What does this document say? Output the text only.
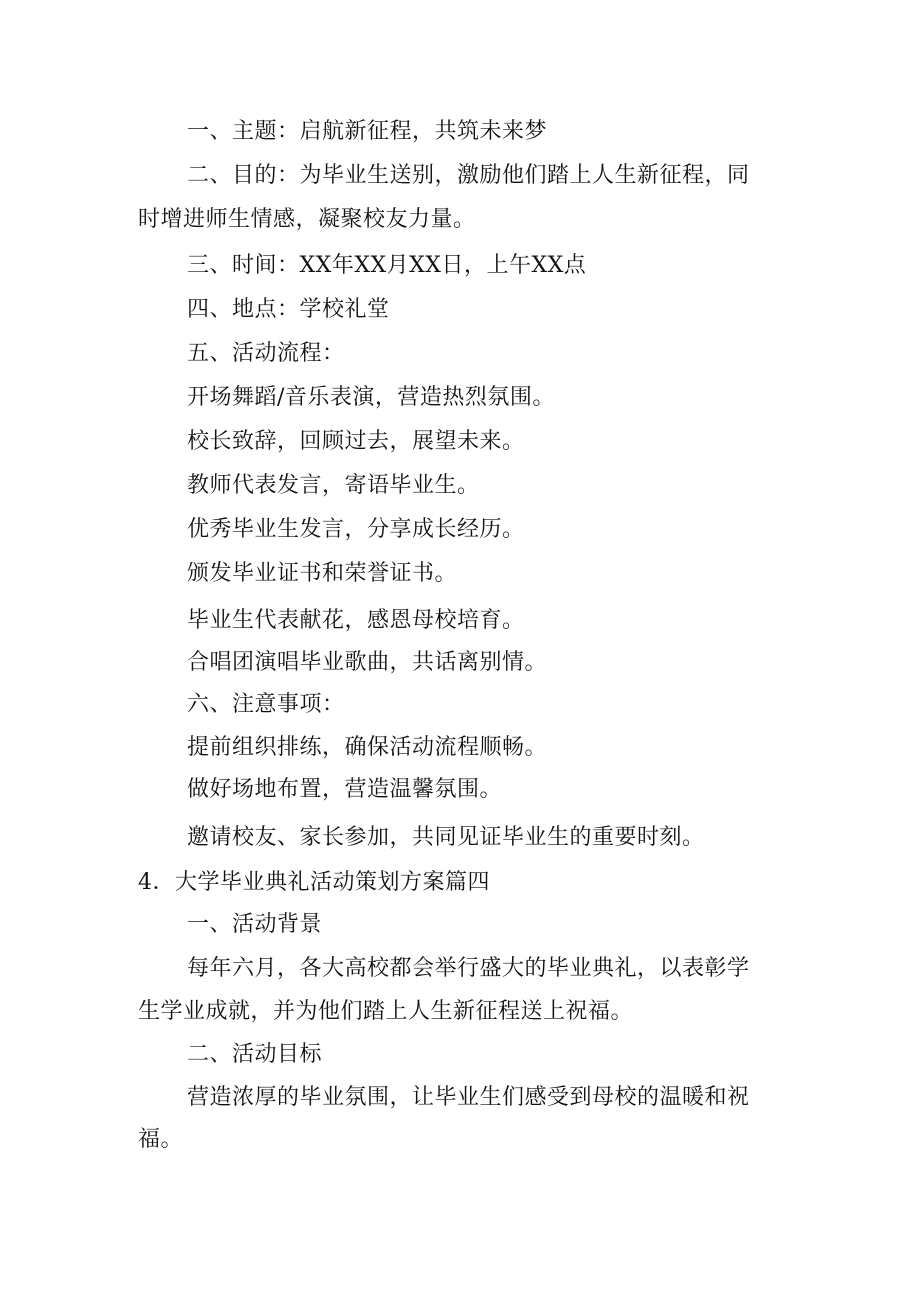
一、主题：启航新征程，共筑未来梦
二、目的：为毕业生送别，激励他们踏上人生新征程，同
时增进师生情感，凝聚校友力量。
三、时间：XX年XX月XX日，上午XX点
四、地点：学校礼堂
五、活动流程：
开场舞蹈/音乐表演，营造热烈氛围。
校长致辞，回顾过去，展望未来。
教师代表发言，寄语毕业生。
优秀毕业生发言，分享成长经历。
颁发毕业证书和荣誉证书。
毕业生代表献花，感恩母校培育。
合唱团演唱毕业歌曲，共话离别情。
六、注意事项：
提前组织排练，确保活动流程顺畅。
做好场地布置，营造温馨氛围。
邀请校友、家长参加，共同见证毕业生的重要时刻。
4．大学毕业典礼活动策划方案篇四
一、活动背景
每年六月，各大高校都会举行盛大的毕业典礼，以表彰学
生学业成就，并为他们踏上人生新征程送上祝福。
二、活动目标
营造浓厚的毕业氛围，让毕业生们感受到母校的温暖和祝
福。
